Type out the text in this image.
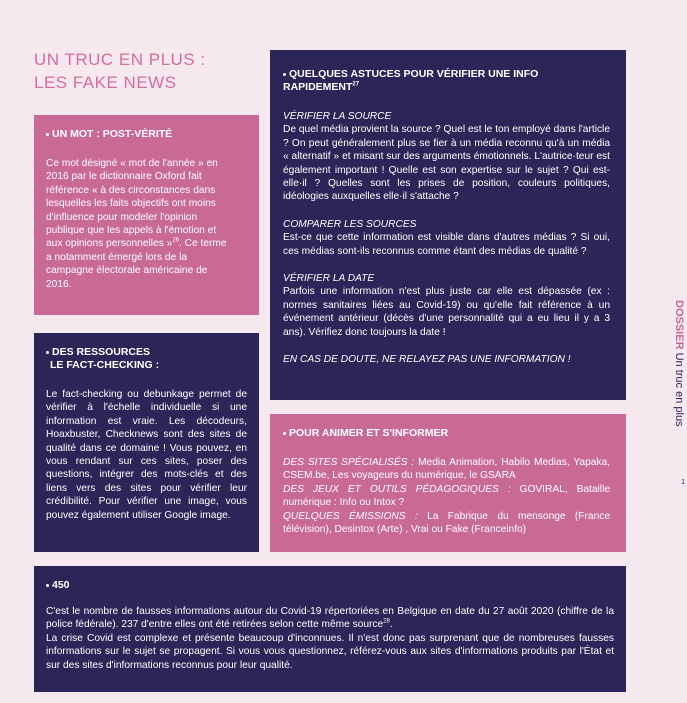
UN TRUC EN PLUS :
LES FAKE NEWS
UN MOT : POST-VÉRITÉ

Ce mot désigné « mot de l'année » en 2016 par le dictionnaire Oxford fait référence « à des circonstances dans lesquelles les faits objectifs ont moins d'influence pour modeler l'opinion publique que les appels à l'émotion et aux opinions personnelles »$^{26}$. Ce terme a notamment émergé lors de la campagne électorale américaine de 2016.

DES RESSOURCES
LE FACT-CHECKING :

Le fact-checking ou debunkage permet de vérifier à l'échelle individuelle si une information est vraie. Les décodeurs, Hoaxbuster, Checknews sont des sites de qualité dans ce domaine ! Vous pouvez, en vous rendant sur ces sites, poser des questions, intégrer des mots-clés et des liens vers des sites pour vérifier leur crédibilité. Pour vérifier une image, vous pouvez également utiliser Google image.

QUELQUES ASTUCES POUR VÉRIFIER UNE INFO RAPIDEMENT$^{27}$

VÉRIFIER LA SOURCE

De quel média provient la source ? Quel est le ton employé dans l'article ? On peut généralement plus se fier à un média reconnu qu'à un média « alternatif » et misant sur des arguments émotionnels. L'autrice·teur est également important ! Quelle est son expertise sur le sujet ? Qui est-elle·il ? Quelles sont les prises de position, couleurs politiques, idéologies auxquelles elle·il s'attache ?

COMPARER LES SOURCES

Est-ce que cette information est visible dans d'autres médias ? Si oui, ces médias sont-ils reconnus comme étant des médias de qualité ?

VÉRIFIER LA DATE

Parfois une information n'est plus juste car elle est dépassée (ex : normes sanitaires liées au Covid-19) ou qu'elle fait référence à un événement antérieur (décès d'une personnalité qui a eu lieu il y a 3 ans). Vérifiez donc toujours la date !

EN CAS DE DOUTE, NE RELAYEZ PAS UNE INFORMATION !

POUR ANIMER ET S'INFORMER

DES SITES SPÉCIALISÉS : Media Animation, Habilo Medias, Yapaka, CSEM.be, Les voyageurs du numérique, le GSARA

DES JEUX ET OUTILS PÉDAGOGIQUES : GOVIRAL, Bataille numérique : Info ou Intox ?

QUELQUES ÉMISSIONS : La Fabrique du mensonge (France télévision), Desintox (Arte) , Vrai ou Fake (Franceinfo)

450

C'est le nombre de fausses informations autour du Covid-19 répertoriées en Belgique en date du 27 août 2020 (chiffre de la police fédérale). 237 d'entre elles ont été retirées selon cette même source$^{28}$.

La crise Covid est complexe et présente beaucoup d'inconnues. Il n'est donc pas surprenant que de nombreuses fausses informations sur le sujet se propagent. Si vous vous questionnez, référez-vous aux sites d'informations produits par l'État et sur des sites d'informations reconnus pour leur qualité.

DOSSIER Un truc en plus
1
